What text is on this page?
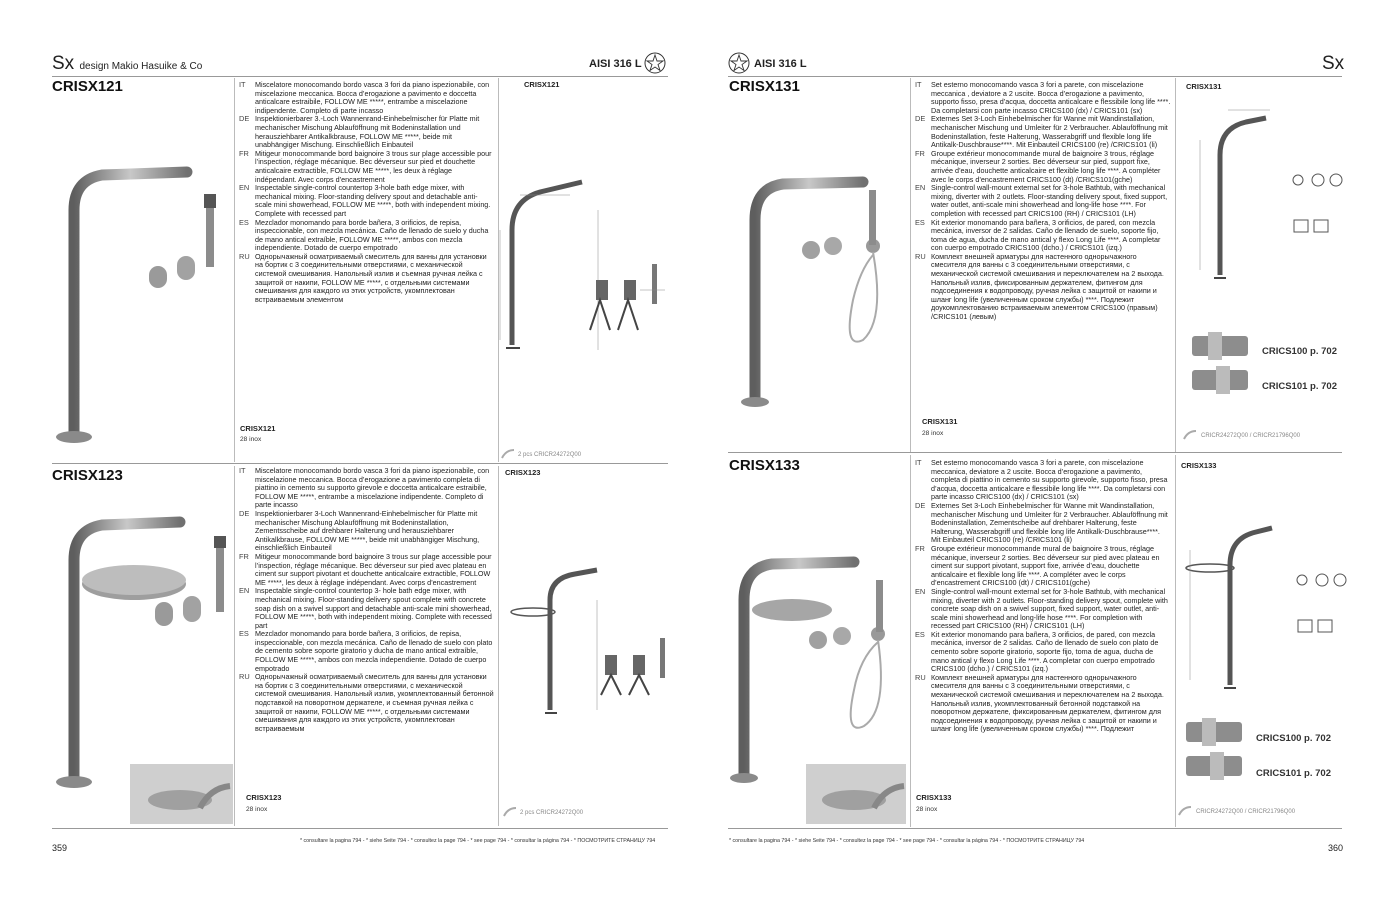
Sx design Makio Hasuike & Co	AISI 316 L
CRISX121	IT	Miscelatore monocomando bordo vasca 3 fori da piano ispezionabile, con miscelazione meccanica. Bocca d’erogazione a pavimento e doccetta anticalcare estraibile, FOLLOW ME *****, entrambe a miscelazione indipendente. Completo di parte incasso
DE Inspektionierbarer 3.-Loch Wannenrand-Einhebelmischer für Platte mit mechanischer Mischung Ablauföffnung mit Bodeninstallation und herausziehbarer Antikalkbrause, FOLLOW ME *****, beide mit unabhängiger Mischung. Einschließlich Einbauteil
FR Mitigeur monocommande bord baignoire 3 trous sur plage accessible pour l’inspection, réglage mécanique. Bec déverseur sur pied et douchette anticalcaire extractible, FOLLOW ME *****, les deux à réglage indépendant. Avec corps d’encastrement
EN Inspectable single-control countertop 3-hole bath edge mixer, with mechanical mixing. Floor-standing delivery spout and detachable anti-scale mini showerhead, FOLLOW ME *****, both with independent mixing. Complete with recessed part
ES Mezclador monomando para borde bañera, 3 orificios, de repisa, inspeccionable, con mezcla mecánica. Caño de llenado de suelo y ducha de mano antical extraíble, FOLLOW ME *****, ambos con mezcla independiente. Dotado de cuerpo empotrado
RU Однорычажный осматриваемый смеситель для ванны для установки на бортик с 3 соединительными отверстиями, с механической системой смешивания. Напольный излив и съемная ручная лейка с защитой от накипи, FOLLOW ME *****, с отдельными системами смешивания для каждого из этих устройств, укомплектован встраиваемым элементом
CRISX121
CRISX121
28 inox
2 pcs CRICR24272Q00
CRISX123	IT	Miscelatore monocomando bordo vasca 3 fori da piano ispezionabile, con miscelazione meccanica. Bocca d’erogazione a pavimento completa di piattino in cemento su supporto girevole e doccetta anticalcare estraibile, FOLLOW ME *****, entrambe a miscelazione indipendente. Completo di parte incasso
DE Inspektionierbarer 3-Loch Wannenrand-Einhebelmischer für Platte mit mechanischer Mischung Ablauföffnung mit Bodeninstallation, Zementsscheibe auf drehbarer Halterung und herausziehbarer Antikalkbrause, FOLLOW ME *****, beide mit unabhängiger Mischung, einschließlich Einbauteil
FR Mitigeur monocommande bord baignoire 3 trous sur plage accessible pour l’inspection, réglage mécanique. Bec déverseur sur pied avec plateau en ciment sur support pivotant et douchette anticalcaire extractible, FOLLOW ME *****, les deux à réglage indépendant. Avec corps d’encastrement
EN Inspectable single-control countertop 3- hole bath edge mixer, with mechanical mixing. Floor-standing delivery spout complete with concrete soap dish on a swivel support and detachable anti-scale mini showerhead, FOLLOW ME *****, both with independent mixing. Complete with recessed part
ES Mezclador monomando para borde bañera, 3 orificios, de repisa, inspeccionable, con mezcla mecánica. Caño de llenado de suelo con plato de cemento sobre soporte giratorio y ducha de mano antical extraíble, FOLLOW ME *****, ambos con mezcla independiente. Dotado de cuerpo empotrado
RU Однорычажный осматриваемый смеситель для ванны для установки на бортик с 3 соединительными отверстиями, с механической системой смешивания. Напольный излив, укомплектованный бетонной подставкой на поворотном держателе, и съемная ручная лейка с защитой от накипи, FOLLOW ME *****, с отдельными системами смешивания для каждого из этих устройств, укомплектован встраиваемым
CRISX123
CRISX123
28 inox	2 pcs CRICR24272Q00
359
* consultare la pagina 794 - * siehe Seite 794 - * consultez la page 794 - * see page 794 - * consultar la página 794 - * ПОСМОТРИТЕ СТРАНИЦУ 794
AISI 316 L	Sx
CRISX131	IT	Set esterno monocomando vasca 3 fori a parete, con miscelazione meccanica , deviatore a 2 uscite. Bocca d’erogazione a pavimento, supporto fisso, presa d’acqua, doccetta anticalcare e flessibile long life ****. Da completarsi con parte incasso CRICS100 (dx) / CRICS101 (sx)
DE Externes Set 3-Loch Einhebelmischer für Wanne mit Wandinstallation, mechanischer Mischung und Umleiter für 2 Verbraucher. Ablauföffnung mit Bodeninstallation, feste Halterung, Wasserabgriff und flexible long life Antikalk-Duschbrause****. Mit Einbauteil CRICS100 (re) /CRICS101 (li)
FR Groupe extérieur monocommande mural de baignoire 3 trous, réglage mécanique, inverseur 2 sorties. Bec déverseur sur pied, support fixe, arrivée d’eau, douchette anticalcaire et flexible long life ****. A compléter avec le corps d’encastrement CRICS100 (dt) /CRICS101(gche)
EN Single-control wall-mount external set for 3-hole Bathtub, with mechanical mixing, diverter with 2 outlets. Floor-standing delivery spout, fixed support, water outlet, anti-scale mini showerhead and long-life hose ****. For completion with recessed part CRICS100 (RH) / CRICS101 (LH)
ES Kit exterior monomando para bañera, 3 orificios, de pared, con mezcla mecánica, inversor de 2 salidas. Caño de llenado de suelo, soporte fijo, toma de agua, ducha de mano antical y flexo Long Life ****. A completar con cuerpo empotrado CRICS100 (dcho.) / CRICS101 (izq.)
RU Комплект внешней арматуры для настенного однорычажного смесителя для ванны с 3 соединительными отверстиями, с механической системой смешивания и переключателем на 2 выхода. Напольный излив, фиксированным держателем, фитингом для подсоединения к водопроводу, ручная лейка с защитой от накипи и шланг long life (увеличенным сроком службы) ****. Подлежит доукомплектованию встраиваемым элементом CRICS100 (правым) /CRICS101 (левым)
CRISX131
CRISX131
28 inox	CRICR24272Q00 / CRICR21796Q00
CRICS100 p. 702
CRICS101 p. 702
CRISX133	IT	Set esterno monocomando vasca 3 fori a parete, con miscelazione meccanica, deviatore a 2 uscite. Bocca d’erogazione a pavimento, completa di piattino in cemento su supporto girevole, supporto fisso, presa d’acqua, doccetta anticalcare e flessibile long life ****. Da completarsi con parte incasso CRICS100 (dx) / CRICS101 (sx)
DE Externes Set 3-Loch Einhebelmischer für Wanne mit Wandinstallation, mechanischer Mischung und Umleiter für 2 Verbraucher. Ablauföffnung mit Bodeninstallation, Zementscheibe auf drehbarer Halterung, feste Halterung, Wasserabgriff und flexible long life Antikalk-Duschbrause****. Mit Einbauteil CRICS100 (re) /CRICS101 (li)
FR Groupe extérieur monocommande mural de baignoire 3 trous, réglage mécanique, inverseur 2 sorties. Bec déverseur sur pied avec plateau en ciment sur support pivotant, support fixe, arrivée d’eau, douchette anticalcaire et flexible long life ****. A compléter avec le corps d’encastrement CRICS100 (dt) / CRICS101(gche)
EN Single-control wall-mount external set for 3-hole Bathtub, with mechanical mixing, diverter with 2 outlets. Floor-standing delivery spout, complete with concrete soap dish on a swivel support, fixed support, water outlet, anti-scale mini showerhead and long-life hose ****. For completion with recessed part CRICS100 (RH) / CRICS101 (LH)
ES Kit exterior monomando para bañera, 3 orificios, de pared, con mezcla mecánica, inversor de 2 salidas. Caño de llenado de suelo con plato de cemento sobre soporte giratorio, soporte fijo, toma de agua, ducha de mano antical y flexo Long Life ****. A completar con cuerpo empotrado CRICS100 (dcho.) / CRICS101 (izq.)
RU Комплект внешней арматуры для настенного однорычажного смесителя для ванны с 3 соединительными отверстиями, с механической системой смешивания и переключателем на 2 выхода. Напольный излив, укомплектованный бетонной подставкой на поворотном держателе, фиксированным держателем, фитингом для подсоединения к водопроводу, ручная лейка с защитой от накипи и шланг long life (увеличенным сроком службы) ****. Подлежит
CRISX133
CRISX133
28 inox	CRICR24272Q00 / CRICR21796Q00
CRICS100 p. 702
CRICS101 p. 702
* consultare la pagina 794 - * siehe Seite 794 - * consultez la page 794 - * see page 794 - * consultar la página 794 - * ПОСМОТРИТЕ СТРАНИЦУ 794
360
